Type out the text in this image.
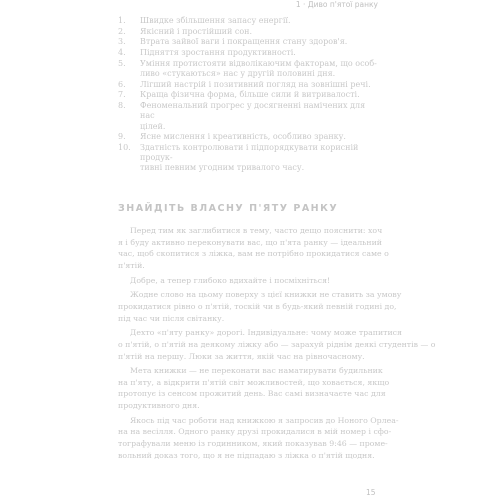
1 · Диво п'ятої ранку
1.	Швидке збільшення запасу енергії.
2.	Якісний і простійший сон.
3.	Втрата зайвої ваги і покращення стану здоров'я.
4.	Підняття зростання продуктивності.
5.	Уміння протистояти відволікаючим факторам, що особ-
ливо «стукаються» нас у другій половині дня.
6.	Лігший настрій і позитивний погляд на зовнішні речі.
7.	Краща фізична форма, більше сили й витривалості.
8.	Феноменальний прогрес у досягненні намічених для нас
цілей.
9.	Ясне мислення і креативність, особливо зранку.
10.	Здатність контролювати і підпорядкувати корисній продук-
тивні певним угодним тривалого часу.
ЗНАЙДІТЬ ВЛАСНУ П'ЯТУ РАНКУ
Перед тим як заглибитися в тему, часто дещо пояснити: хоч
я і буду активно переконувати вас, що п'ята ранку — ідеальний
час, щоб скопитися з ліжка, вам не потрібно прокидатися саме о
п'ятій.
Добре, а тепер глибоко вдихайте і посміхніться!
Жодне слово на цьому поверху з цієї книжки не ставить за умову
прокидатися рівно о п'ятій, тоскій чи в будь-який певній годині до,
під час чи після світанку.
Дехто «п'яту ранку» дорогі. Індивідуальне: чому може трапитися
о п'ятій, о п'ятій на деякому ліжку або — зарахуй ріднім деякі студентів — о
п'ятій на першу. Люки за життя, якій час на рівночасному.
Мета книжки — не переконати вас наматирувати будильник
на п'яту, а відкрити п'ятій світ можливостей, що ховається, якщо
протопує із сенсом прожитий день. Вас самі визначаєте час для
продуктивного дня.
Якось під час роботи над книжкою я запросив до Ноного Орлеа-
на на весілля. Одного ранку друзі прокидалися в мій номер і сфо-
тографували меню із годинником, який показував 9:46 — проме-
вольний доказ того, що я не підпадаю з ліжка о п'ятій щодня.
15
